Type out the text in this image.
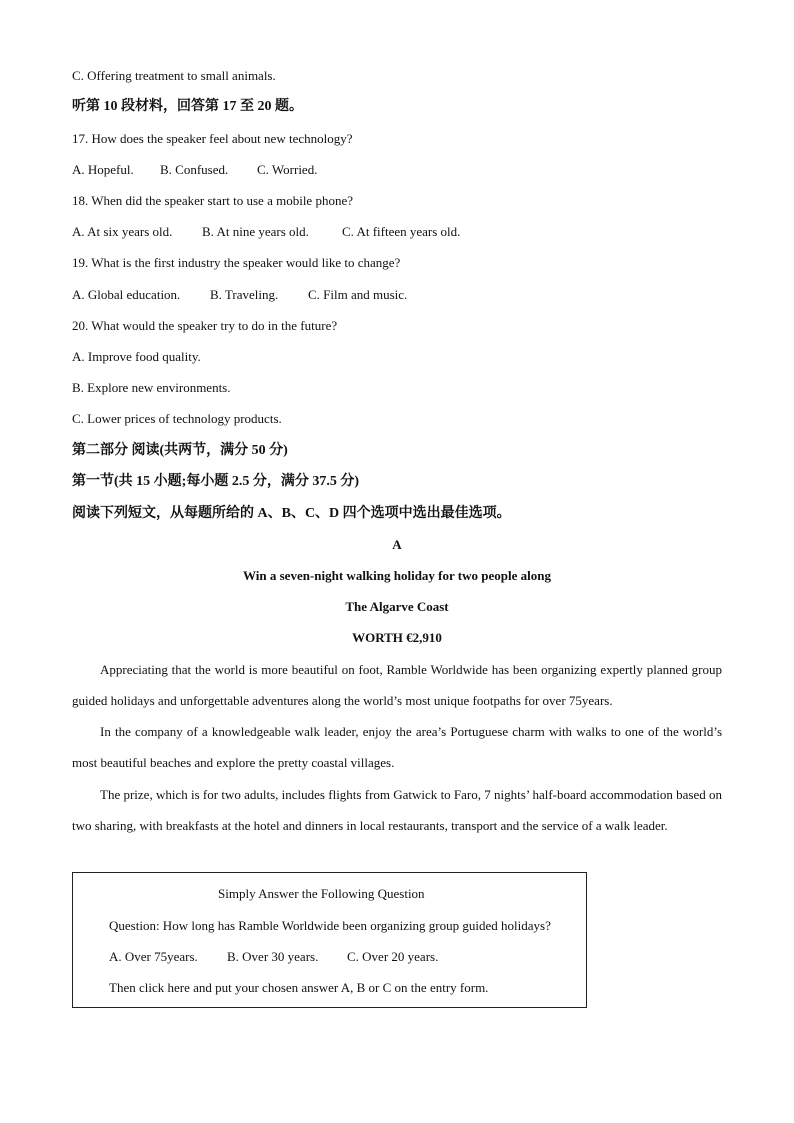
C. Offering treatment to small animals.
听第 10 段材料，回答第 17 至 20 题。
17. How does the speaker feel about new technology?
A. Hopeful. B. Confused. C. Worried.
18. When did the speaker start to use a mobile phone?
A. At six years old. B. At nine years old.	C. At fifteen years old.
19. What is the first industry the speaker would like to change?
A. Global education. B. Traveling. C. Film and music.
20. What would the speaker try to do in the future?
A. Improve food quality.
B. Explore new environments.
C. Lower prices of technology products.
第二部分 阅读(共两节，满分 50 分)
第一节(共 15 小题;每小题 2.5 分，满分 37.5 分)
阅读下列短文，从每题所给的 A、B、C、D 四个选项中选出最佳选项。
A
Win a seven-night walking holiday for two people along
The Algarve Coast
WORTH €2,910
Appreciating that the world is more beautiful on foot, Ramble Worldwide has been organizing expertly planned group guided holidays and unforgettable adventures along the world’s most unique footpaths for over 75years.
In the company of a knowledgeable walk leader, enjoy the area’s Portuguese charm with walks to one of the world’s most beautiful beaches and explore the pretty coastal villages.
The prize, which is for two adults, includes flights from Gatwick to Faro, 7 nights’ half-board accommodation based on two sharing, with breakfasts at the hotel and dinners in local restaurants, transport and the service of a walk leader.
Simply Answer the Following Question
Question: How long has Ramble Worldwide been organizing group guided holidays?
A. Over 75years. B. Over 30 years. C. Over 20 years.
Then click here and put your chosen answer A, B or C on the entry form.
